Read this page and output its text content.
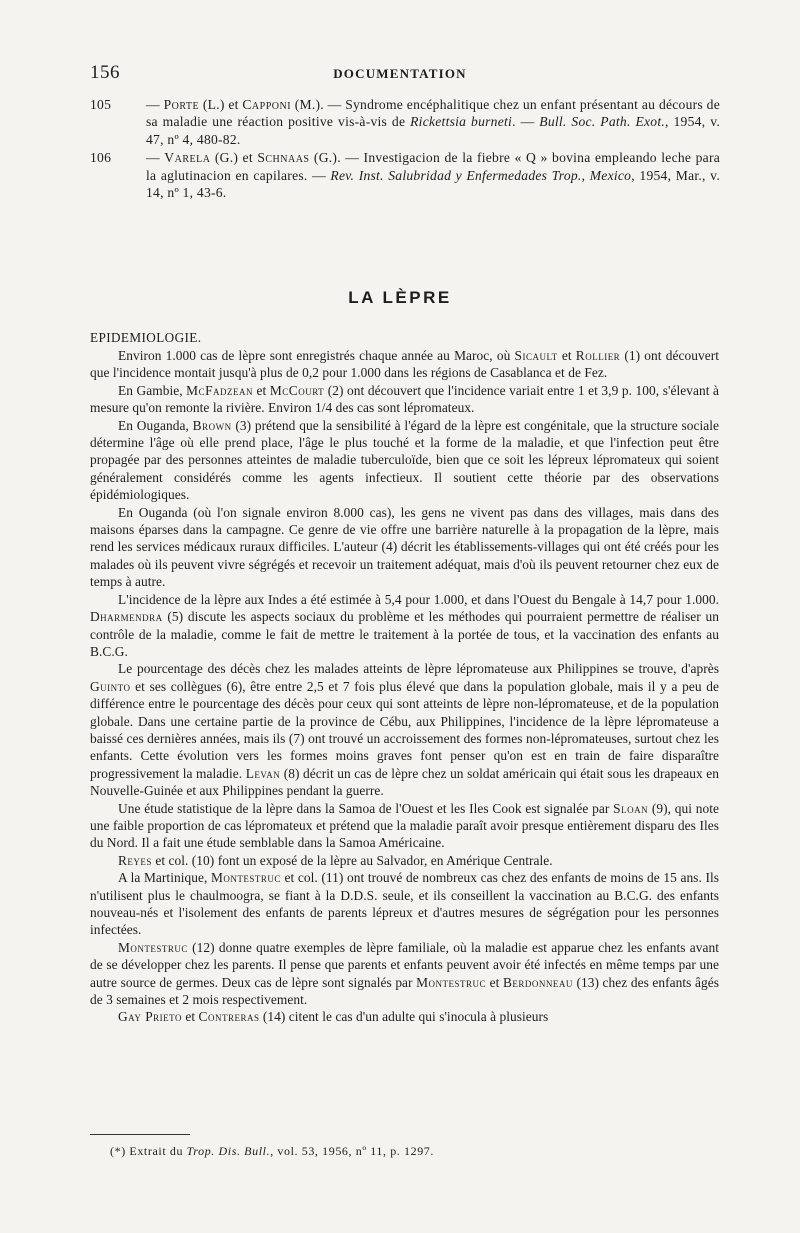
156	DOCUMENTATION
105	— Porte (L.) et Capponi (M.). — Syndrome encéphalitique chez un enfant présentant au décours de sa maladie une réaction positive vis-à-vis de Rickettsia burneti. — Bull. Soc. Path. Exot., 1954, v. 47, nº 4, 480-82.
106	— Varela (G.) et Schnaas (G.). — Investigacion de la fiebre « Q » bovina empleando leche para la aglutinacion en capilares. — Rev. Inst. Salubridad y Enfermedades Trop., Mexico, 1954, Mar., v. 14, nº 1, 43-6.
LA LÈPRE
EPIDEMIOLOGIE.

Environ 1.000 cas de lèpre sont enregistrés chaque année au Maroc, où Sicault et Rollier (1) ont découvert que l'incidence montait jusqu'à plus de 0,2 pour 1.000 dans les régions de Casablanca et de Fez.

En Gambie, McFadzean et McCourt (2) ont découvert que l'incidence variait entre 1 et 3,9 p. 100, s'élevant à mesure qu'on remonte la rivière. Environ 1/4 des cas sont lépromateux.

En Ouganda, Brown (3) prétend que la sensibilité à l'égard de la lèpre est congénitale, que la structure sociale détermine l'âge où elle prend place, l'âge le plus touché et la forme de la maladie, et que l'infection peut être propagée par des personnes atteintes de maladie tuberculoïde, bien que ce soit les lépreux lépromateux qui soient généralement considérés comme les agents infectieux. Il soutient cette théorie par des observations épidémiologiques.

En Ouganda (où l'on signale environ 8.000 cas), les gens ne vivent pas dans des villages, mais dans des maisons éparses dans la campagne. Ce genre de vie offre une barrière naturelle à la propagation de la lèpre, mais rend les services médicaux ruraux difficiles. L'auteur (4) décrit les établissements-villages qui ont été créés pour les malades où ils peuvent vivre ségrégés et recevoir un traitement adéquat, mais d'où ils peuvent retourner chez eux de temps à autre.

L'incidence de la lèpre aux Indes a été estimée à 5,4 pour 1.000, et dans l'Ouest du Bengale à 14,7 pour 1.000. Dharmendra (5) discute les aspects sociaux du problème et les méthodes qui pourraient permettre de réaliser un contrôle de la maladie, comme le fait de mettre le traitement à la portée de tous, et la vaccination des enfants au B.C.G.

Le pourcentage des décès chez les malades atteints de lèpre lépromateuse aux Philippines se trouve, d'après Guinto et ses collègues (6), être entre 2,5 et 7 fois plus élevé que dans la population globale, mais il y a peu de différence entre le pourcentage des décès pour ceux qui sont atteints de lèpre non-lépromateuse, et de la population globale. Dans une certaine partie de la province de Cébu, aux Philippines, l'incidence de la lèpre lépromateuse a baissé ces dernières années, mais ils (7) ont trouvé un accroissement des formes non-lépromateuses, surtout chez les enfants. Cette évolution vers les formes moins graves font penser qu'on est en train de faire disparaître progressivement la maladie. Levan (8) décrit un cas de lèpre chez un soldat américain qui était sous les drapeaux en Nouvelle-Guinée et aux Philippines pendant la guerre.

Une étude statistique de la lèpre dans la Samoa de l'Ouest et les Iles Cook est signalée par Sloan (9), qui note une faible proportion de cas lépromateux et prétend que la maladie paraît avoir presque entièrement disparu des Iles du Nord. Il a fait une étude semblable dans la Samoa Américaine.

Reyes et col. (10) font un exposé de la lèpre au Salvador, en Amérique Centrale.

A la Martinique, Montestruc et col. (11) ont trouvé de nombreux cas chez des enfants de moins de 15 ans. Ils n'utilisent plus le chaulmoogra, se fiant à la D.D.S. seule, et ils conseillent la vaccination au B.C.G. des enfants nouveau-nés et l'isolement des enfants de parents lépreux et d'autres mesures de ségrégation pour les personnes infectées.

Montestruc (12) donne quatre exemples de lèpre familiale, où la maladie est apparue chez les enfants avant de se développer chez les parents. Il pense que parents et enfants peuvent avoir été infectés en même temps par une autre source de germes. Deux cas de lèpre sont signalés par Montestruc et Berdonneau (13) chez des enfants âgés de 3 semaines et 2 mois respectivement.

Gay Prieto et Contreras (14) citent le cas d'un adulte qui s'inocula à plusieurs

(*) Extrait du Trop. Dis. Bull., vol. 53, 1956, nº 11, p. 1297.
